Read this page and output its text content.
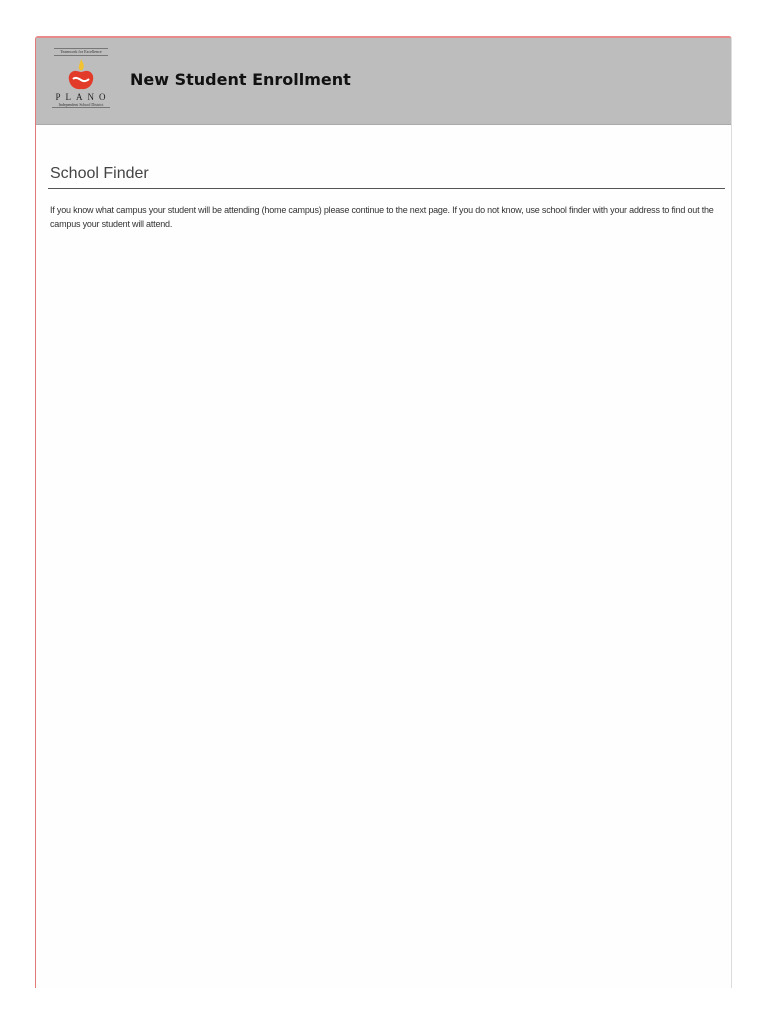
Teamwork for Excellence
PLANO
Independent School District
New Student Enrollment
School Finder

If you know what campus your student will be attending (home campus) please continue to the next page. If you do not know, use school finder with your address to find out the campus your student will attend.
